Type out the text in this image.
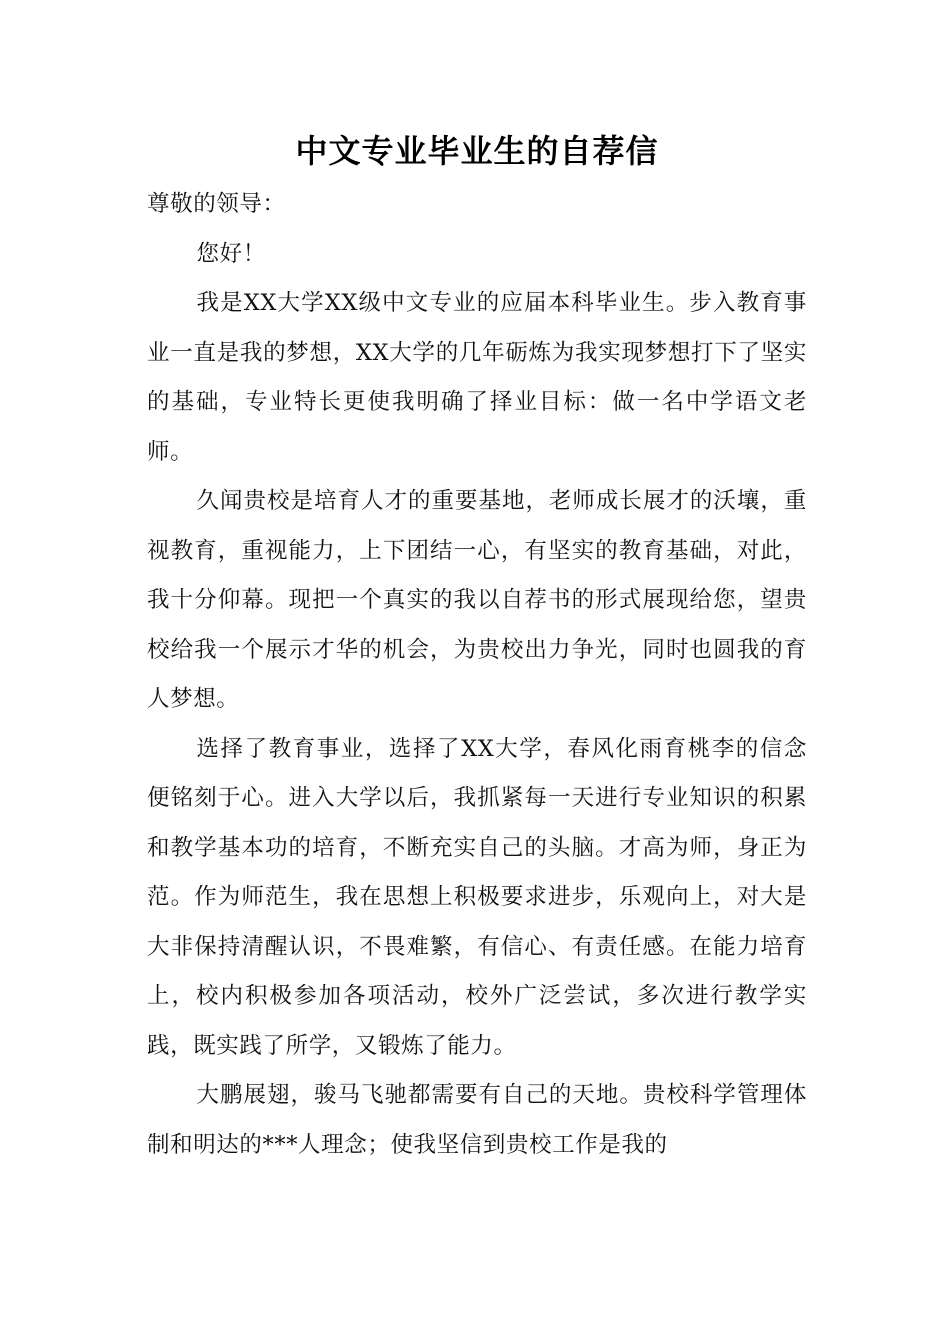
中文专业毕业生的自荐信

尊敬的领导：

您好！

我是XX大学XX级中文专业的应届本科毕业生。步入教育事业一直是我的梦想，XX大学的几年砺炼为我实现梦想打下了坚实的基础，专业特长更使我明确了择业目标：做一名中学语文老师。

久闻贵校是培育人才的重要基地，老师成长展才的沃壤，重视教育，重视能力，上下团结一心，有坚实的教育基础，对此，我十分仰幕。现把一个真实的我以自荐书的形式展现给您，望贵校给我一个展示才华的机会，为贵校出力争光，同时也圆我的育人梦想。

选择了教育事业，选择了XX大学，春风化雨育桃李的信念便铭刻于心。进入大学以后，我抓紧每一天进行专业知识的积累和教学基本功的培育，不断充实自己的头脑。才高为师，身正为范。作为师范生，我在思想上积极要求进步，乐观向上，对大是大非保持清醒认识，不畏难繁，有信心、有责任感。在能力培育上，校内积极参加各项活动，校外广泛尝试，多次进行教学实践，既实践了所学，又锻炼了能力。

大鹏展翅，骏马飞驰都需要有自己的天地。贵校科学管理体制和明达的***人理念；使我坚信到贵校工作是我的
